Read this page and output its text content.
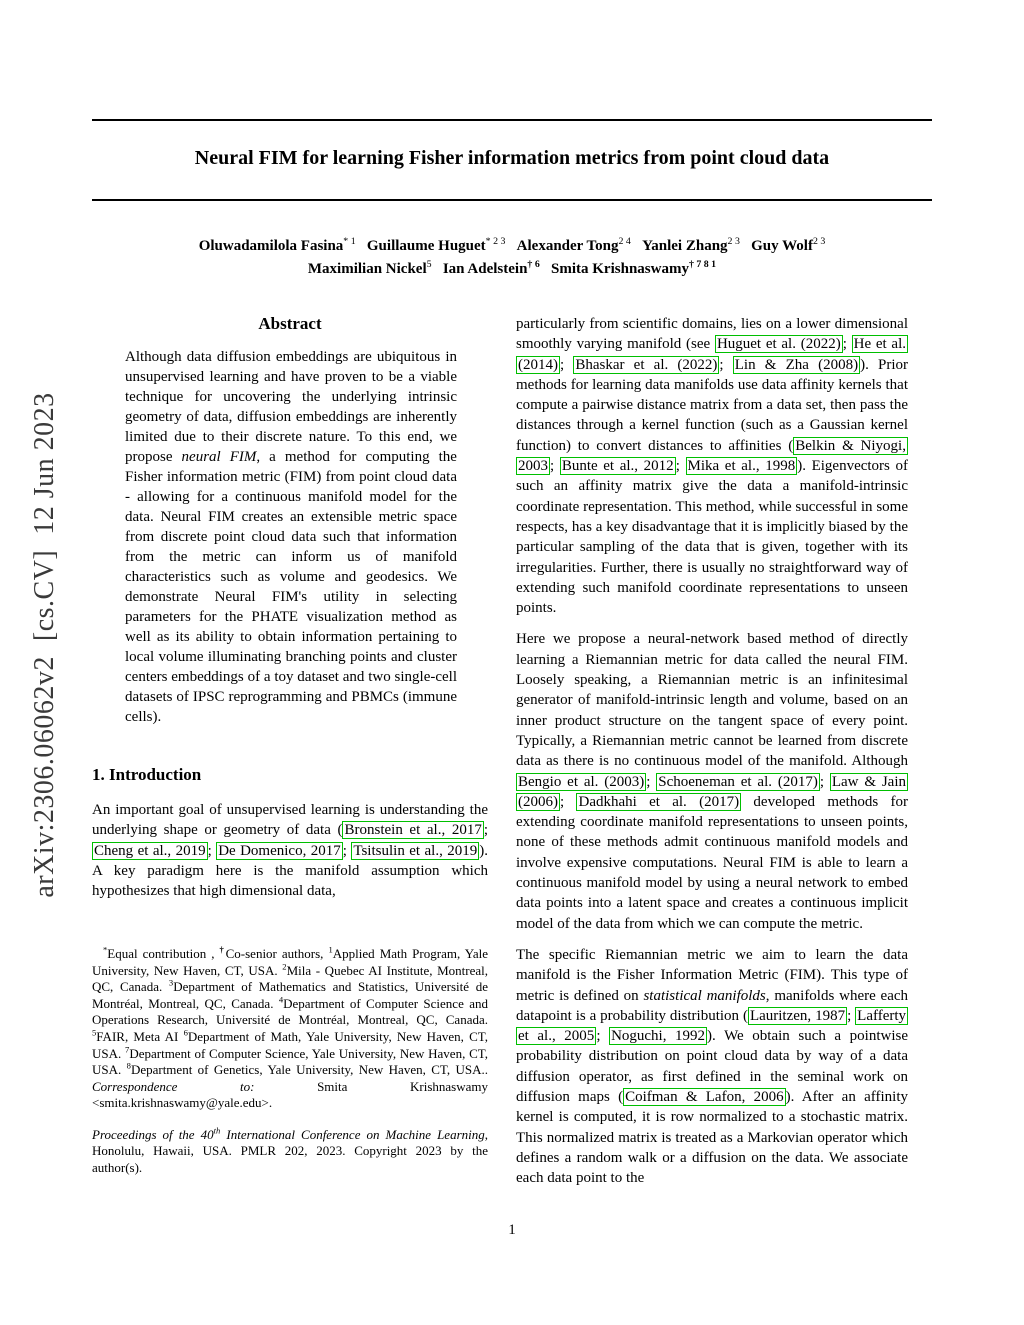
arXiv:2306.06062v2  [cs.CV]  12 Jun 2023
Neural FIM for learning Fisher information metrics from point cloud data
Oluwadamilola Fasina$^{* 1}$ Guillaume Huguet$^{* 2 3}$ Alexander Tong$^{2 4}$ Yanlei Zhang$^{2 3}$ Guy Wolf$^{2 3}$
Maximilian Nickel$^5$ Ian Adelstein$^{\dagger 6}$ Smita Krishnaswamy$^{\dagger 7 8 1}$
Abstract
Although data diffusion embeddings are ubiquitous in unsupervised learning and have proven to be a viable technique for uncovering the underlying intrinsic geometry of data, diffusion embeddings are inherently limited due to their discrete nature. To this end, we propose neural FIM, a method for computing the Fisher information metric (FIM) from point cloud data - allowing for a continuous manifold model for the data. Neural FIM creates an extensible metric space from discrete point cloud data such that information from the metric can inform us of manifold characteristics such as volume and geodesics. We demonstrate Neural FIM's utility in selecting parameters for the PHATE visualization method as well as its ability to obtain information pertaining to local volume illuminating branching points and cluster centers embeddings of a toy dataset and two single-cell datasets of IPSC reprogramming and PBMCs (immune cells).
1. Introduction
An important goal of unsupervised learning is understanding the underlying shape or geometry of data ( Bronstein et al., 2017 ; Cheng et al., 2019 ; De Domenico, 2017 ; Tsitsulin et al., 2019 ). A key paradigm here is the manifold assumption which hypothesizes that high dimensional data,
*Equal contribution , †Co-senior authors, $^1$Applied Math Program, Yale University, New Haven, CT, USA. $^2$Mila - Quebec AI Institute, Montreal, QC, Canada. $^3$Department of Mathematics and Statistics, Université de Montréal, Montreal, QC, Canada. $^4$Department of Computer Science and Operations Research, Université de Montréal, Montreal, QC, Canada. $^5$FAIR, Meta AI $^6$Department of Math, Yale University, New Haven, CT, USA. $^7$Department of Computer Science, Yale University, New Haven, CT, USA. $^8$Department of Genetics, Yale University, New Haven, CT, USA.. Correspondence to: Smita Krishnaswamy <smita.krishnaswamy@yale.edu>.
Proceedings of the 40th International Conference on Machine Learning, Honolulu, Hawaii, USA. PMLR 202, 2023. Copyright 2023 by the author(s).
particularly from scientific domains, lies on a lower dimensional smoothly varying manifold (see Huguet et al. (2022) ; He et al. (2014) ; Bhaskar et al. (2022) ; Lin & Zha (2008) ). Prior methods for learning data manifolds use data affinity kernels that compute a pairwise distance matrix from a data set, then pass the distances through a kernel function (such as a Gaussian kernel function) to convert distances to affinities ( Belkin & Niyogi, 2003 ; Bunte et al., 2012 ; Mika et al., 1998 ). Eigenvectors of such an affinity matrix give the data a manifold-intrinsic coordinate representation. This method, while successful in some respects, has a key disadvantage that it is implicitly biased by the particular sampling of the data that is given, together with its irregularities. Further, there is usually no straightforward way of extending such manifold coordinate representations to unseen points.
Here we propose a neural-network based method of directly learning a Riemannian metric for data called the neural FIM. Loosely speaking, a Riemannian metric is an infinitesimal generator of manifold-intrinsic length and volume, based on an inner product structure on the tangent space of every point. Typically, a Riemannian metric cannot be learned from discrete data as there is no continuous model of the manifold. Although Bengio et al. (2003) ; Schoeneman et al. (2017) ; Law & Jain (2006) ; Dadkhahi et al. (2017) developed methods for extending coordinate manifold representations to unseen points, none of these methods admit continuous manifold models and involve expensive computations. Neural FIM is able to learn a continuous manifold model by using a neural network to embed data points into a latent space and creates a continuous implicit model of the data from which we can compute the metric.
The specific Riemannian metric we aim to learn the data manifold is the Fisher Information Metric (FIM). This type of metric is defined on statistical manifolds, manifolds where each datapoint is a probability distribution ( Lauritzen, 1987 ; Lafferty et al., 2005 ; Noguchi, 1992 ). We obtain such a pointwise probability distribution on point cloud data by way of a data diffusion operator, as first defined in the seminal work on diffusion maps ( Coifman & Lafon, 2006 ). After an affinity kernel is computed, it is row normalized to a stochastic matrix. This normalized matrix is treated as a Markovian operator which defines a random walk or a diffusion on the data. We associate each data point to the
1
